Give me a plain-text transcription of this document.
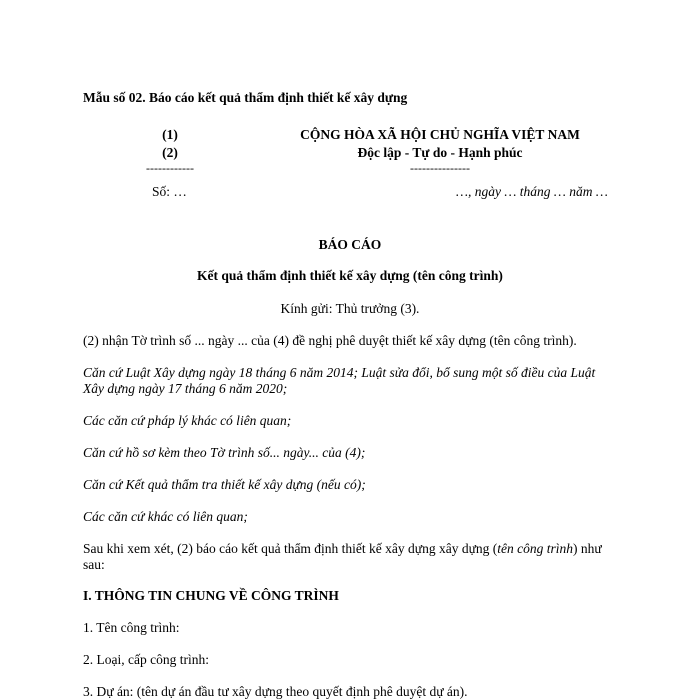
Mẫu số 02. Báo cáo kết quả thẩm định thiết kế xây dựng
(1)
(2)
------------
CỘNG HÒA XÃ HỘI CHỦ NGHĨA VIỆT NAM
Độc lập - Tự do - Hạnh phúc
---------------
Số: …	…, ngày … tháng … năm …
BÁO CÁO
Kết quả thẩm định thiết kế xây dựng (tên công trình)
Kính gửi: Thủ trưởng (3).
(2) nhận Tờ trình số ... ngày ... của (4) đề nghị phê duyệt thiết kế xây dựng (tên công trình).
Căn cứ Luật Xây dựng ngày 18 tháng 6 năm 2014; Luật sửa đổi, bổ sung một số điều của Luật Xây dựng ngày 17 tháng 6 năm 2020;
Các căn cứ pháp lý khác có liên quan;
Căn cứ hồ sơ kèm theo Tờ trình số... ngày... của (4);
Căn cứ Kết quả thẩm tra thiết kế xây dựng (nếu có);
Các căn cứ khác có liên quan;
Sau khi xem xét, (2) báo cáo kết quả thẩm định thiết kế xây dựng xây dựng (tên công trình) như sau:
I. THÔNG TIN CHUNG VỀ CÔNG TRÌNH
1. Tên công trình:
2. Loại, cấp công trình:
3. Dự án: (tên dự án đầu tư xây dựng theo quyết định phê duyệt dự án).
